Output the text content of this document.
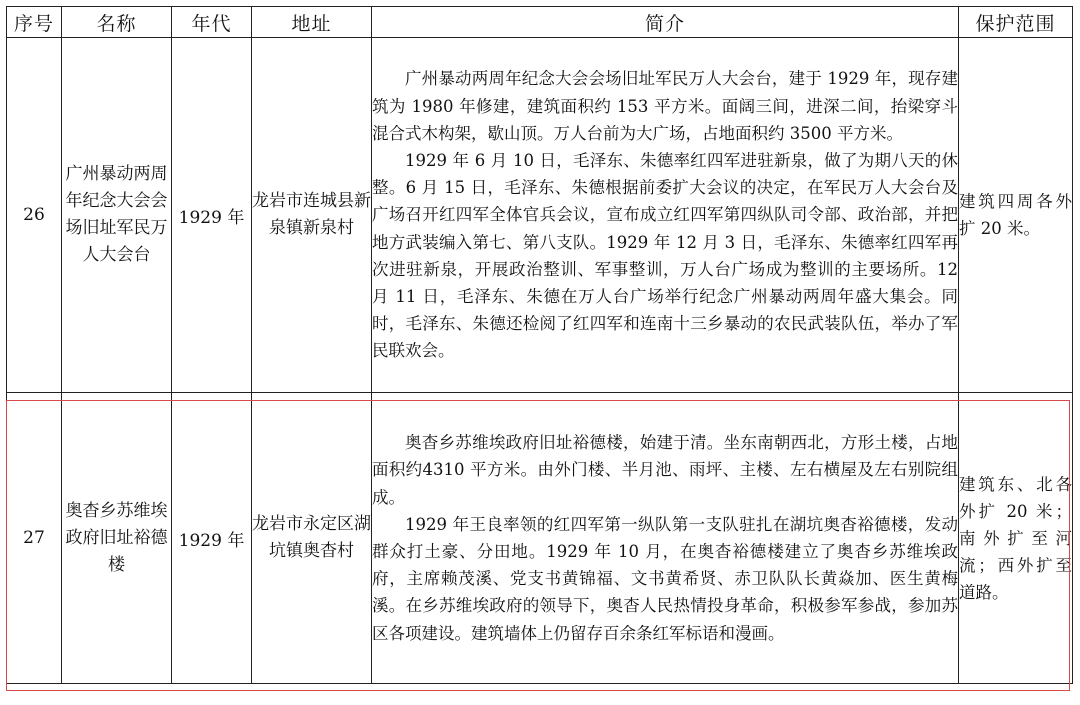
序号	名称	年代	地址	简介	保护范围
26	广州暴动两周年纪念大会会场旧址军民万人大会台	1929 年	龙岩市连城县新泉镇新泉村	广州暴动两周年纪念大会会场旧址军民万人大会台，建于 1929 年，现存建筑为 1980 年修建，建筑面积约 153 平方米。面阔三间，进深二间，抬梁穿斗混合式木构架，歇山顶。万人台前为大广场，占地面积约 3500 平方米。

1929 年 6 月 10 日，毛泽东、朱德率红四军进驻新泉，做了为期八天的休整。6 月 15 日，毛泽东、朱德根据前委扩大会议的决定，在军民万人大会台及广场召开红四军全体官兵会议，宣布成立红四军第四纵队司令部、政治部，并把地方武装编入第七、第八支队。1929 年 12 月 3 日，毛泽东、朱德率红四军再次进驻新泉，开展政治整训、军事整训，万人台广场成为整训的主要场所。12 月 11 日，毛泽东、朱德在万人台广场举行纪念广州暴动两周年盛大集会。同时，毛泽东、朱德还检阅了红四军和连南十三乡暴动的农民武装队伍，举办了军民联欢会。	建筑四周各外扩 20 米。
27	奥杳乡苏维埃政府旧址裕德楼	1929 年	龙岩市永定区湖坑镇奥杳村	奥杳乡苏维埃政府旧址裕德楼，始建于清。坐东南朝西北，方形土楼，占地面积约4310 平方米。由外门楼、半月池、雨坪、主楼、左右横屋及左右别院组成。

1929 年王良率领的红四军第一纵队第一支队驻扎在湖坑奥杳裕德楼，发动群众打土豪、分田地。1929 年 10 月，在奥杳裕德楼建立了奥杳乡苏维埃政府，主席赖茂溪、党支书黄锦福、文书黄希贤、赤卫队队长黄焱加、医生黄梅溪。在乡苏维埃政府的领导下，奥杳人民热情投身革命，积极参军参战，参加苏区各项建设。建筑墙体上仍留存百余条红军标语和漫画。	建筑东、北各外扩 20 米；南外扩至河流；西外扩至道路。
